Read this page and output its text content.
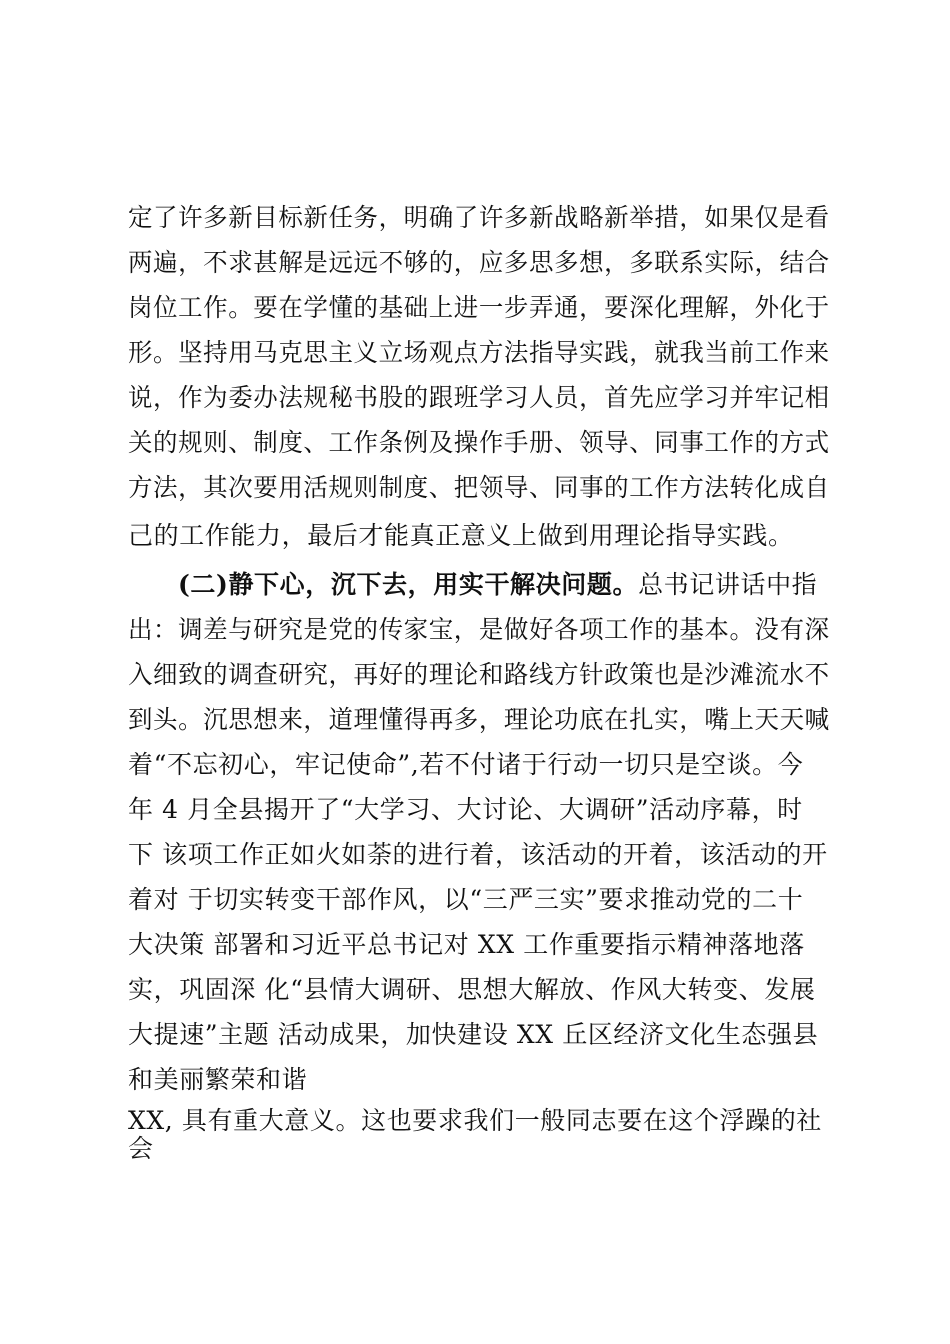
定了许多新目标新任务，明确了许多新战略新举措，如果仅是看
两遍，不求甚解是远远不够的，应多思多想，多联系实际，结合
岗位工作。要在学懂的基础上进一步弄通，要深化理解，外化于
形。坚持用马克思主义立场观点方法指导实践，就我当前工作来
说，作为委办法规秘书股的跟班学习人员，首先应学习并牢记相
关的规则、制度、工作条例及操作手册、领导、同事工作的方式
方法，其次要用活规则制度、把领导、同事的工作方法转化成自
己的工作能力，最后才能真正意义上做到用理论指导实践。
(二)静下心，沉下去，用实干解决问题。总书记讲话中指
出：调差与研究是党的传家宝，是做好各项工作的基本。没有深
入细致的调查研究，再好的理论和路线方针政策也是沙滩流水不
到头。沉思想来，道理懂得再多，理论功底在扎实，嘴上天天喊
着“不忘初心，牢记使命”,若不付诸于行动一切只是空谈。今
年 4 月全县揭开了“大学习、大讨论、大调研”活动序幕，时
下 该项工作正如火如荼的进行着，该活动的开着，该活动的开
着对 于切实转变干部作风，以“三严三实”要求推动党的二十
大决策 部署和习近平总书记对 XX 工作重要指示精神落地落
实，巩固深 化“县情大调研、思想大解放、作风大转变、发展
大提速”主题 活动成果，加快建设 XX 丘区经济文化生态强县
和美丽繁荣和谐
XX, 具有重大意义。这也要求我们一般同志要在这个浮躁的社
会
